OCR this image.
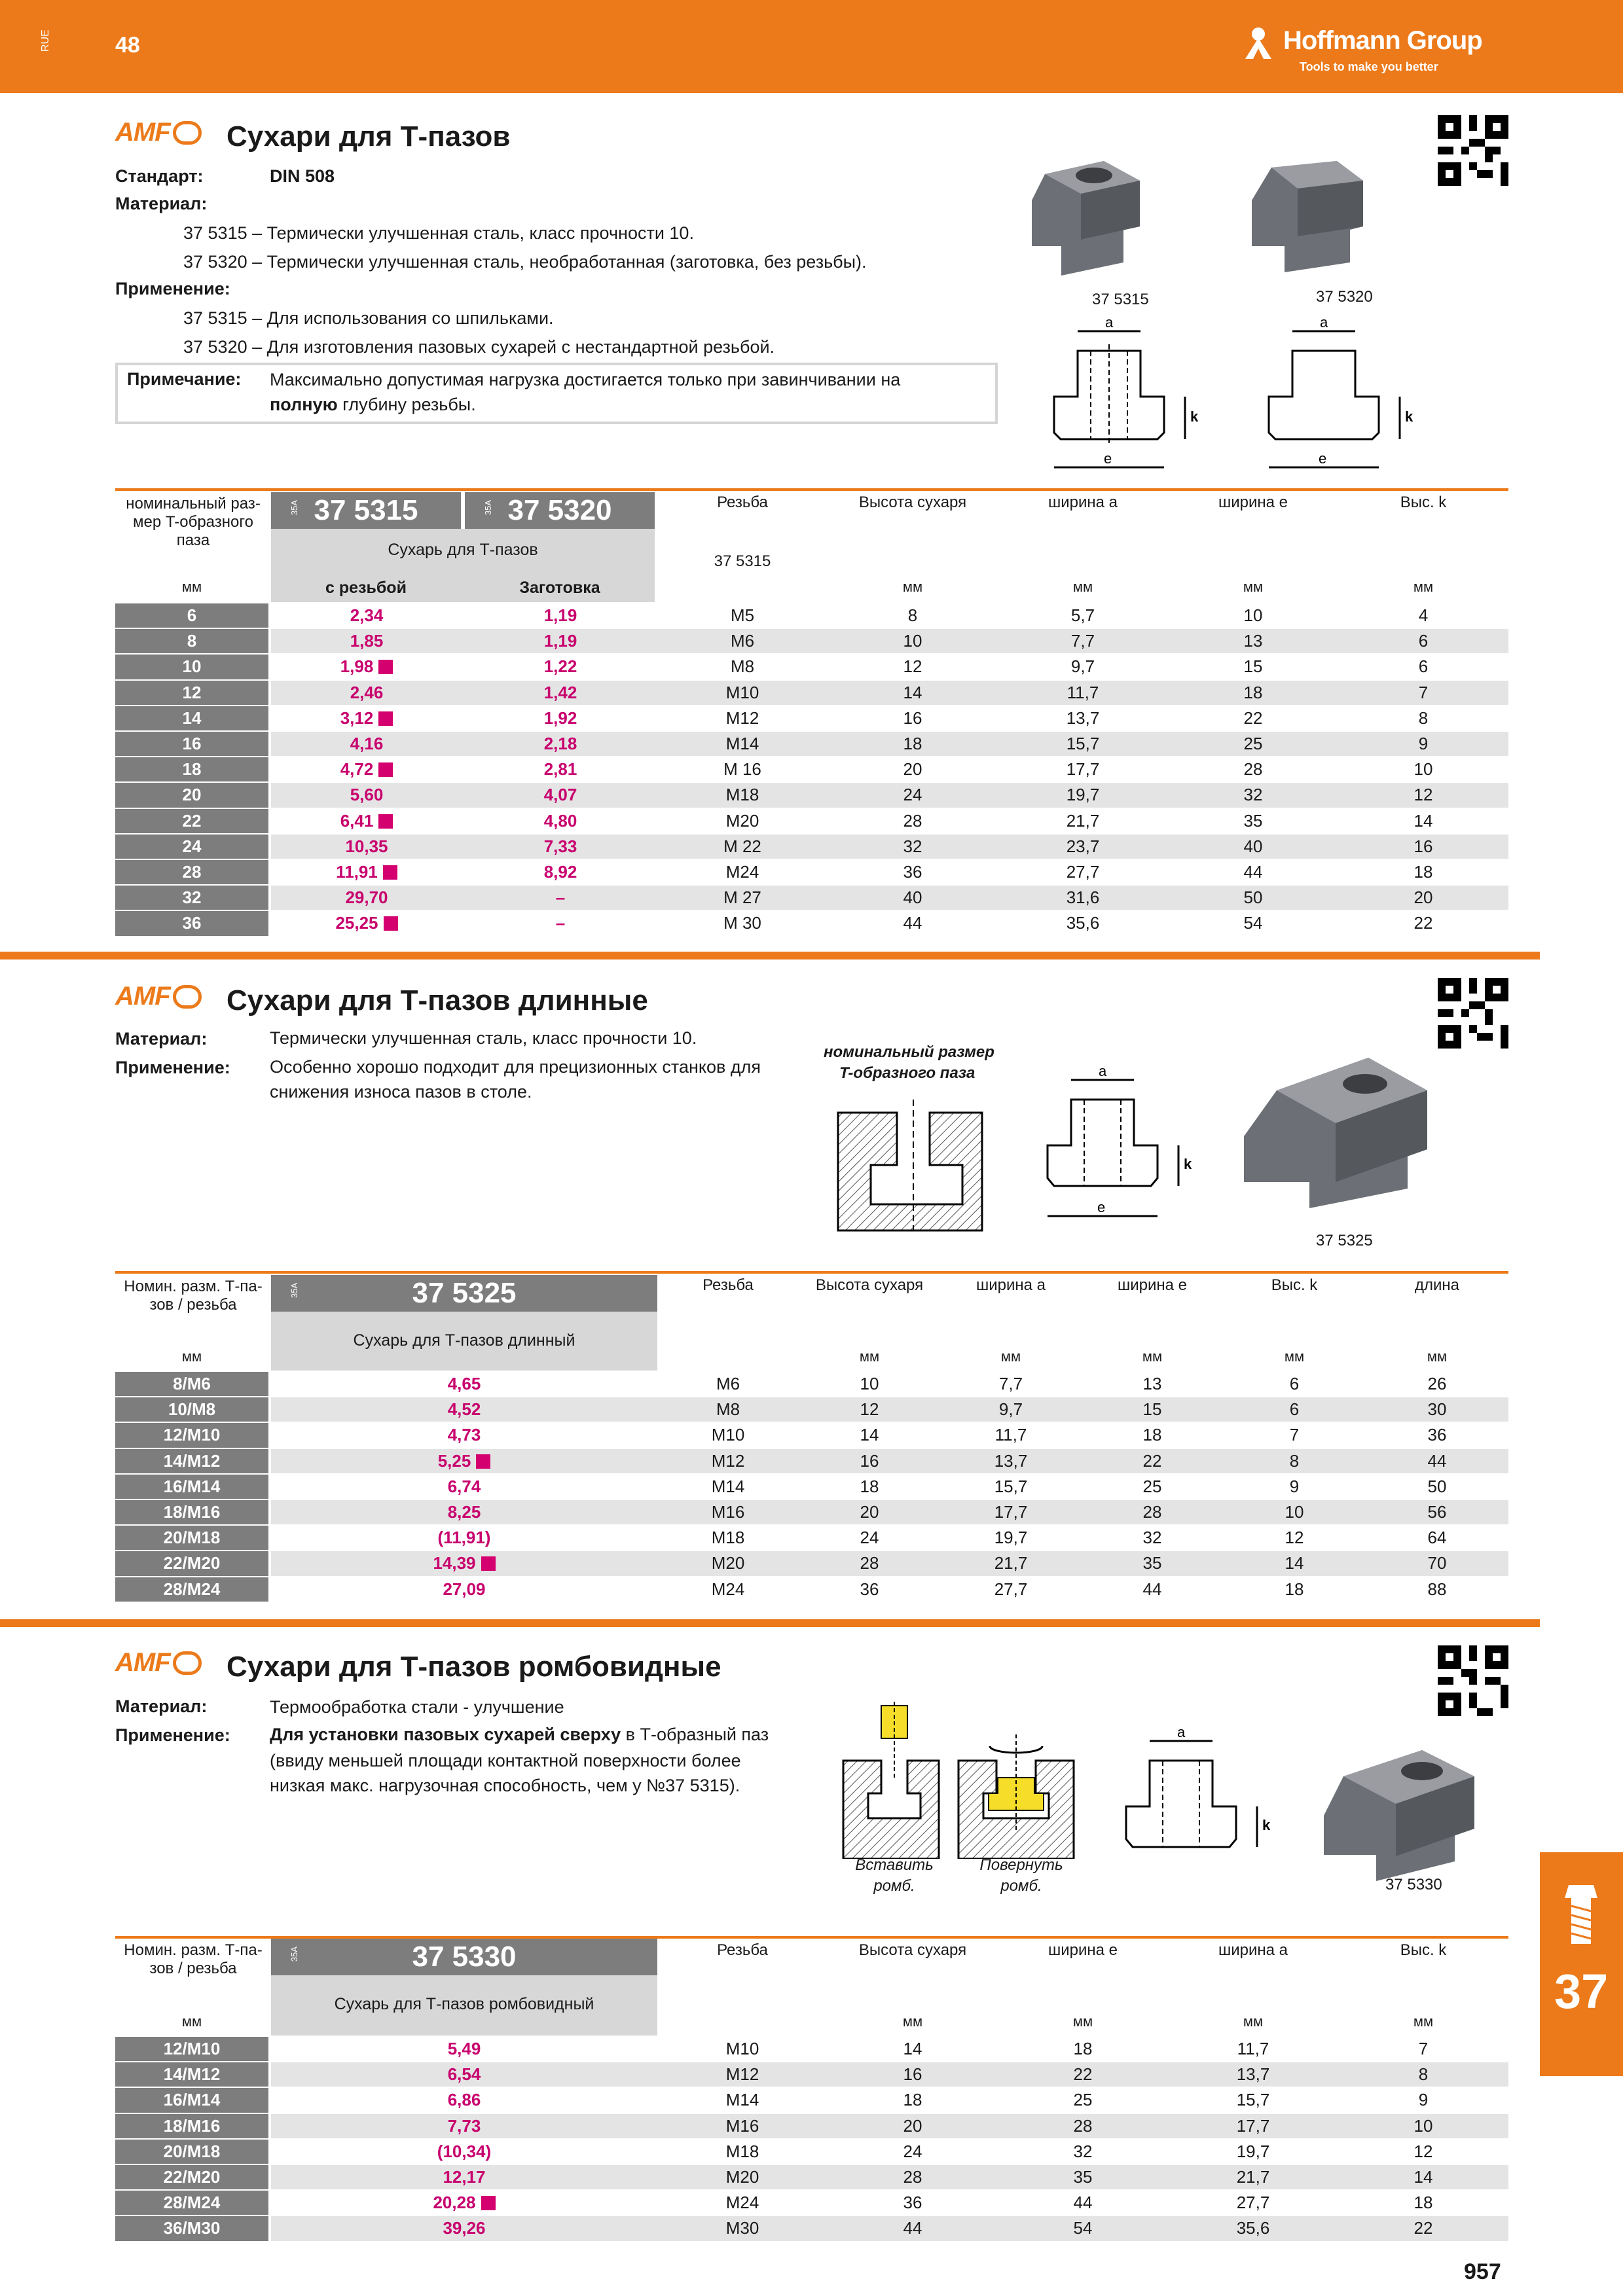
RUE	48	Hoffmann Group
Tools to make you better
AMF	Сухари для Т-пазов
Стандарт:	DIN 508
Материал:
37 5315 – Термически улучшенная сталь, класс прочности 10.
37 5320 – Термически улучшенная сталь, необработанная (заготовка, без резьбы).
Применение:
37 5315 – Для использования со шпильками.
37 5320 – Для изготовления пазовых сухарей с нестандартной резьбой.
Примечание: Максимально допустимая нагрузка достигается только при завинчивании на
полную глубину резьбы.
37 5315	37 5320
a
e
k
a
e
k
номинальный раз-мер T-образного паза
35A 37 5315	35A 37 5320
Сухарь для Т-пазов
с резьбой	Заготовка
Резьба
37 5315
Высота сухаря	ширина a	ширина e	Выс. k
мм	мм	мм	мм	мм
6	2,34	1,19	M5	8	5,7	10	4
8	1,85	1,19	M6	10	7,7	13	6
10	1,98	1,22	M8	12	9,7	15	6
12	2,46	1,42	M10	14	11,7	18	7
14	3,12	1,92	M12	16	13,7	22	8
16	4,16	2,18	M14	18	15,7	25	9
18	4,72	2,81	M 16	20	17,7	28	10
20	5,60	4,07	M18	24	19,7	32	12
22	6,41	4,80	M20	28	21,7	35	14
24	10,35	7,33	M 22	32	23,7	40	16
28	11,91	8,92	M24	36	27,7	44	18
32	29,70	–	M 27	40	31,6	50	20
36	25,25	–	M 30	44	35,6	54	22
AMF	Сухари для Т-пазов длинные
Материал:	Термически улучшенная сталь, класс прочности 10.
Применение: Особенно хорошо подходит для прецизионных станков для
снижения износа пазов в столе.
номинальный размер
T-образного паза	a
e
k
37 5325
Номин. разм. Т-па-зов / резьба
35A	37 5325
Сухарь для Т-пазов длинный
Резьба	Высота сухаря	ширина a	ширина e	Выс. k	длина
мм	мм	мм	мм	мм	мм
8/M6	4,65	M6	10	7,7	13	6	26
10/M8	4,52	M8	12	9,7	15	6	30
12/M10	4,73	M10	14	11,7	18	7	36
14/M12	5,25	M12	16	13,7	22	8	44
16/M14	6,74	M14	18	15,7	25	9	50
18/M16	8,25	M16	20	17,7	28	10	56
20/M18	(11,91)	M18	24	19,7	32	12	64
22/M20	14,39	M20	28	21,7	35	14	70
28/M24	27,09	M24	36	27,7	44	18	88
AMF	Сухари для Т-пазов ромбовидные
Материал:	Термообработка стали - улучшение
Применение: Для установки пазовых сухарей сверху в Т-образный паз
(ввиду меньшей площади контактной поверхности более
низкая макс. нагрузочная способность, чем у №37 5315).
Вставить
ромб.
Повернуть
ромб.
a
k
37 5330
Номин. разм. Т-па-зов / резьба
35A	37 5330
Сухарь для Т-пазов ромбовидный
Резьба	Высота сухаря	ширина e	ширина a	Выс. k
мм	мм	мм	мм	мм
12/M10	5,49	M10	14	18	11,7	7
14/M12	6,54	M12	16	22	13,7	8
16/M14	6,86	M14	18	25	15,7	9
18/M16	7,73	M16	20	28	17,7	10
20/M18	(10,34)	M18	24	32	19,7	12
22/M20	12,17	M20	28	35	21,7	14
28/M24	20,28	M24	36	44	27,7	18
36/M30	39,26	M30	44	54	35,6	22
37
957
